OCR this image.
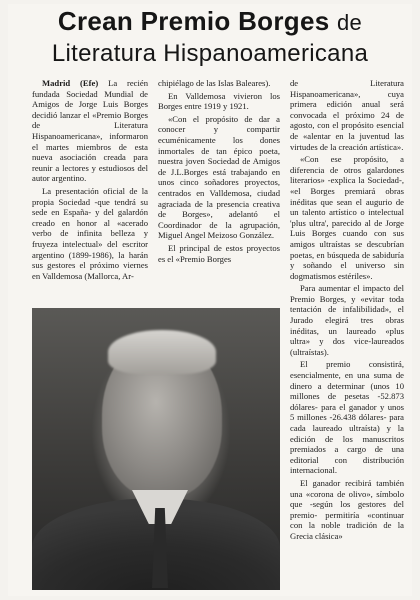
Crean Premio Borges de
Literatura Hispanoamericana

Madrid (Efe) La recién fundada Sociedad Mundial de Amigos de Jorge Luis Borges decidió lanzar el «Premio Borges de Literatura Hispanoamericana», informaron el martes miembros de esta nueva asociación creada para reunir a lectores y estudiosos del autor argentino.

La presentación oficial de la propia Sociedad -que tendrá su sede en España- y del galardón creado en honor al «acerado verbo de infinita belleza y fruyeza intelectual» del escritor argentino (1899-1986), la harán sus gestores el próximo viernes en Valldemosa (Mallorca, Ar-

chipiélago de las Islas Baleares).

En Valldemosa vivieron los Borges entre 1919 y 1921.

«Con el propósito de dar a conocer y compartir ecuménicamente los dones inmortales de tan épico poeta, nuestra joven Sociedad de Amigos de J.L.Borges está trabajando en unos cinco soñadores proyectos, centrados en Valldemosa, ciudad agraciada de la presencia creativa de Borges», adelantó el Coordinador de la agrupación, Miguel Angel Meizoso González.

El principal de estos proyectos es el «Premio Borges

de Literatura Hispanoamericana», cuya primera edición anual será convocada el próximo 24 de agosto, con el propósito esencial de «alentar en la juventud las virtudes de la creación artística».

«Con ese propósito, a diferencia de otros galardones literarios» -explica la Sociedad-, «el Borges premiará obras inéditas que sean el augurio de un talento artístico o intelectual 'plus ultra', parecido al de Jorge Luis Borges cuando con sus amigos ultraístas se descubrían poetas, en búsqueda de sabiduría y soñando el universo sin dogmatismos estériles».

Para aumentar el impacto del Premio Borges, y «evitar toda tentación de infalibilidad», el Jurado elegirá tres obras inéditas, un laureado «plus ultra» y dos vice-laureados (ultraístas).

El premio consistirá, esencialmente, en una suma de dinero a determinar (unos 10 millones de pesetas -52.873 dólares- para el ganador y unos 5 millones -26.438 dólares- para cada laureado ultraísta) y la edición de los manuscritos premiados a cargo de una editorial con distribución internacional.

El ganador recibirá también una «corona de olivo», símbolo que -según los gestores del premio- permitiría «continuar con la noble tradición de la Grecia clásica»
